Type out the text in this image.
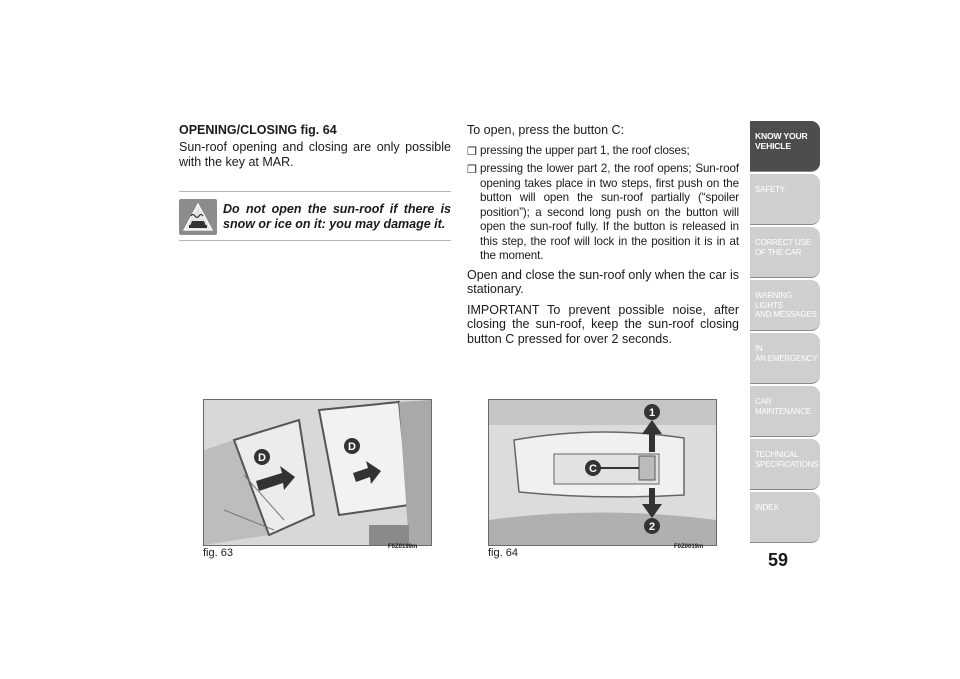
OPENING/CLOSING fig. 64
Sun-roof opening and closing are only possible with the key at MAR.
Do not open the sun-roof if there is snow or ice on it: you may damage it.

To open, press the button C:

❒ pressing the upper part 1, the roof closes;
❒ pressing the lower part 2, the roof opens; Sun-roof opening takes place in two steps, first push on the button will open the sun-roof partially (“spoiler position”); a second long push on the button will open the sun-roof fully. If the button is released in this step, the roof will lock in the position it is in at the moment.

Open and close the sun-roof only when the car is stationary.

IMPORTANT To prevent possible noise, after closing the sun-roof, keep the sun-roof closing button C pressed for over 2 seconds.

D
D
fig. 63	F0Z0199m
1
C
2
fig. 64	F0Z0019m
KNOW YOUR
VEHICLE
SAFETY
CORRECT USE
OF THE CAR
WARNING LIGHTS
AND MESSAGES
IN
AN EMERGENCY
CAR
MAINTENANCE
TECHNICAL
SPECIFICATIONS
INDEX
59
